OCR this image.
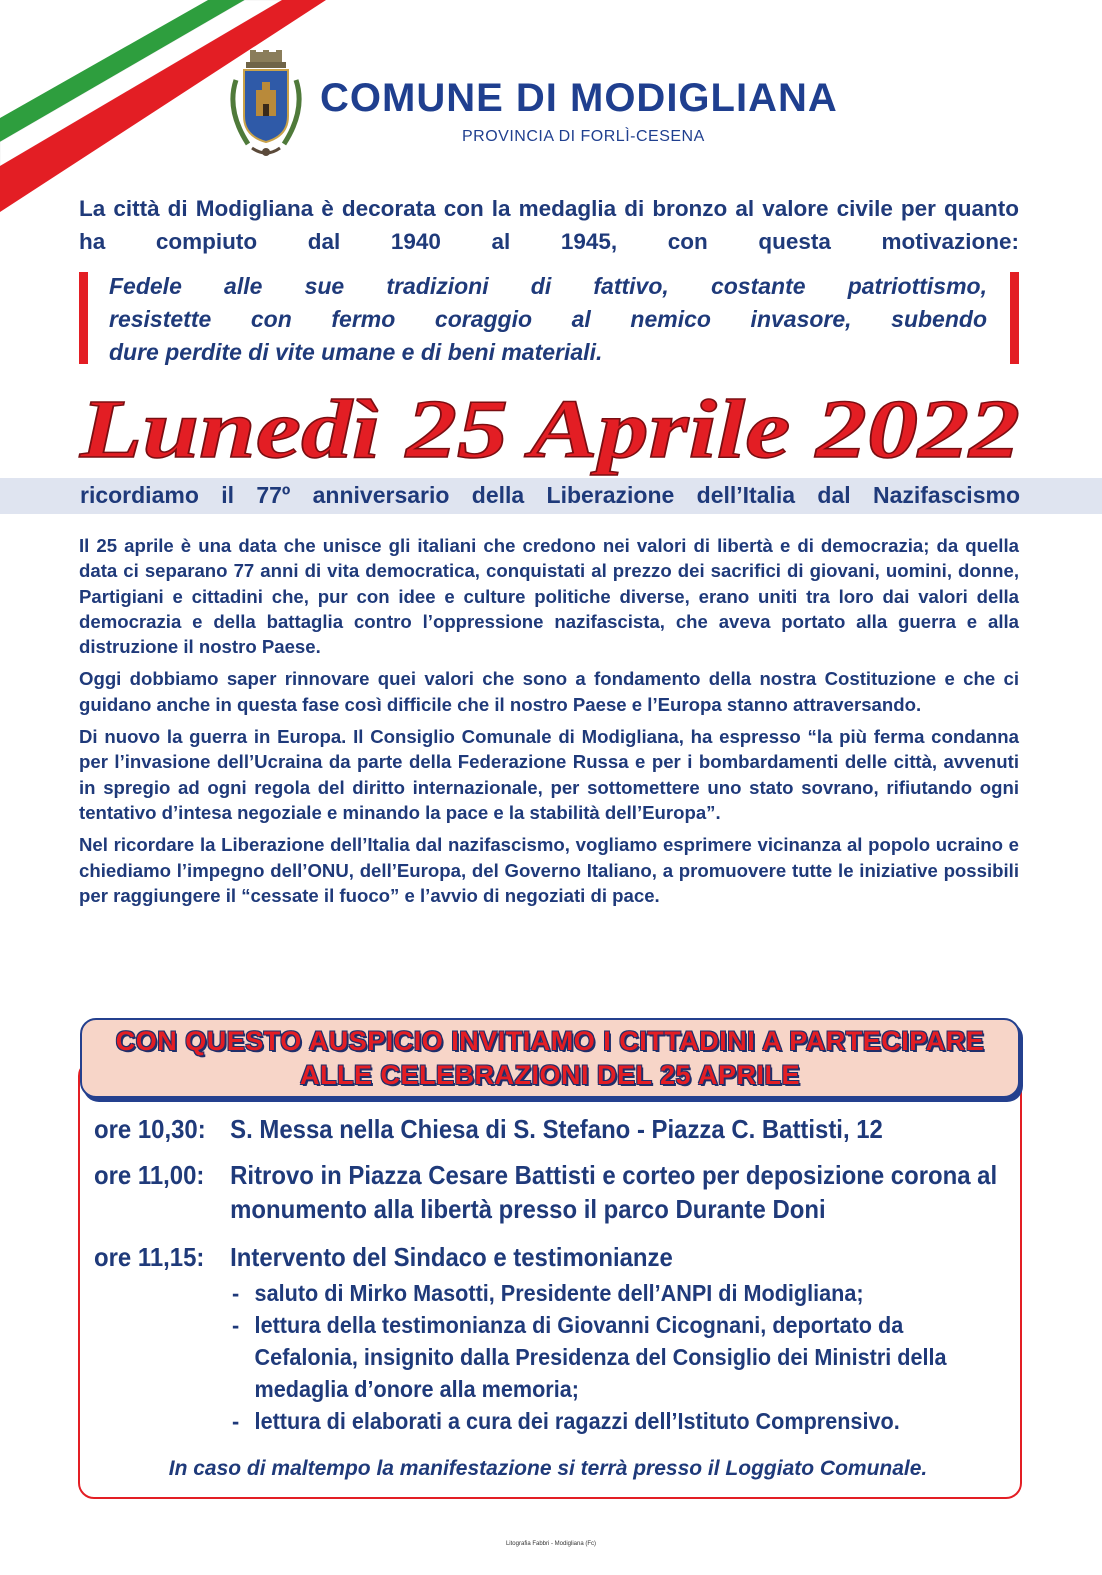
COMUNE DI MODIGLIANA
PROVINCIA DI FORLÌ-CESENA
La città di Modigliana è decorata con la medaglia di bronzo al valore civile per quanto ha compiuto dal 1940 al 1945, con questa motivazione:
Fedele alle sue tradizioni di fattivo, costante patriottismo,
resistette con fermo coraggio al nemico invasore, subendo
dure perdite di vite umane e di beni materiali.
Lunedì 25 Aprile 2022
ricordiamo il 77º anniversario della Liberazione dell’Italia dal Nazifascismo

Il 25 aprile è una data che unisce gli italiani che credono nei valori di libertà e di democrazia; da quella data ci separano 77 anni di vita democratica, conquistati al prezzo dei sacrifici di giovani, uomini, donne, Partigiani e cittadini che, pur con idee e culture politiche diverse, erano uniti tra loro dai valori della democrazia e della battaglia contro l’oppressione nazifascista, che aveva portato alla guerra e alla distruzione il nostro Paese.

Oggi dobbiamo saper rinnovare quei valori che sono a fondamento della nostra Costituzione e che ci guidano anche in questa fase così difficile che il nostro Paese e l’Europa stanno attraversando.

Di nuovo la guerra in Europa. Il Consiglio Comunale di Modigliana, ha espresso “la più ferma condanna per l’invasione dell’Ucraina da parte della Federazione Russa e per i bombardamenti delle città, avvenuti in spregio ad ogni regola del diritto internazionale, per sottomettere uno stato sovrano, rifiutando ogni tentativo d’intesa negoziale e minando la pace e la stabilità dell’Europa”.

Nel ricordare la Liberazione dell’Italia dal nazifascismo, vogliamo esprimere vicinanza al popolo ucraino e chiediamo l’impegno dell’ONU, dell’Europa, del Governo Italiano, a promuovere tutte le iniziative possibili per raggiungere il “cessate il fuoco” e l’avvio di negoziati di pace.

CON QUESTO AUSPICIO INVITIAMO I CITTADINI A PARTECIPARE
ALLE CELEBRAZIONI DEL 25 APRILE
ore 10,30: S. Messa nella Chiesa di S. Stefano - Piazza C. Battisti, 12
ore 11,00: Ritrovo in Piazza Cesare Battisti e corteo per deposizione corona al monumento alla libertà presso il parco Durante Doni
ore 11,15: Intervento del Sindaco e testimonianze
- saluto di Mirko Masotti, Presidente dell’ANPI di Modigliana;
- lettura della testimonianza di Giovanni Cicognani, deportato da Cefalonia, insignito dalla Presidenza del Consiglio dei Ministri della medaglia d’onore alla memoria;
- lettura di elaborati a cura dei ragazzi dell’Istituto Comprensivo.
In caso di maltempo la manifestazione si terrà presso il Loggiato Comunale.
Litografia Fabbri - Modigliana (Fc)
